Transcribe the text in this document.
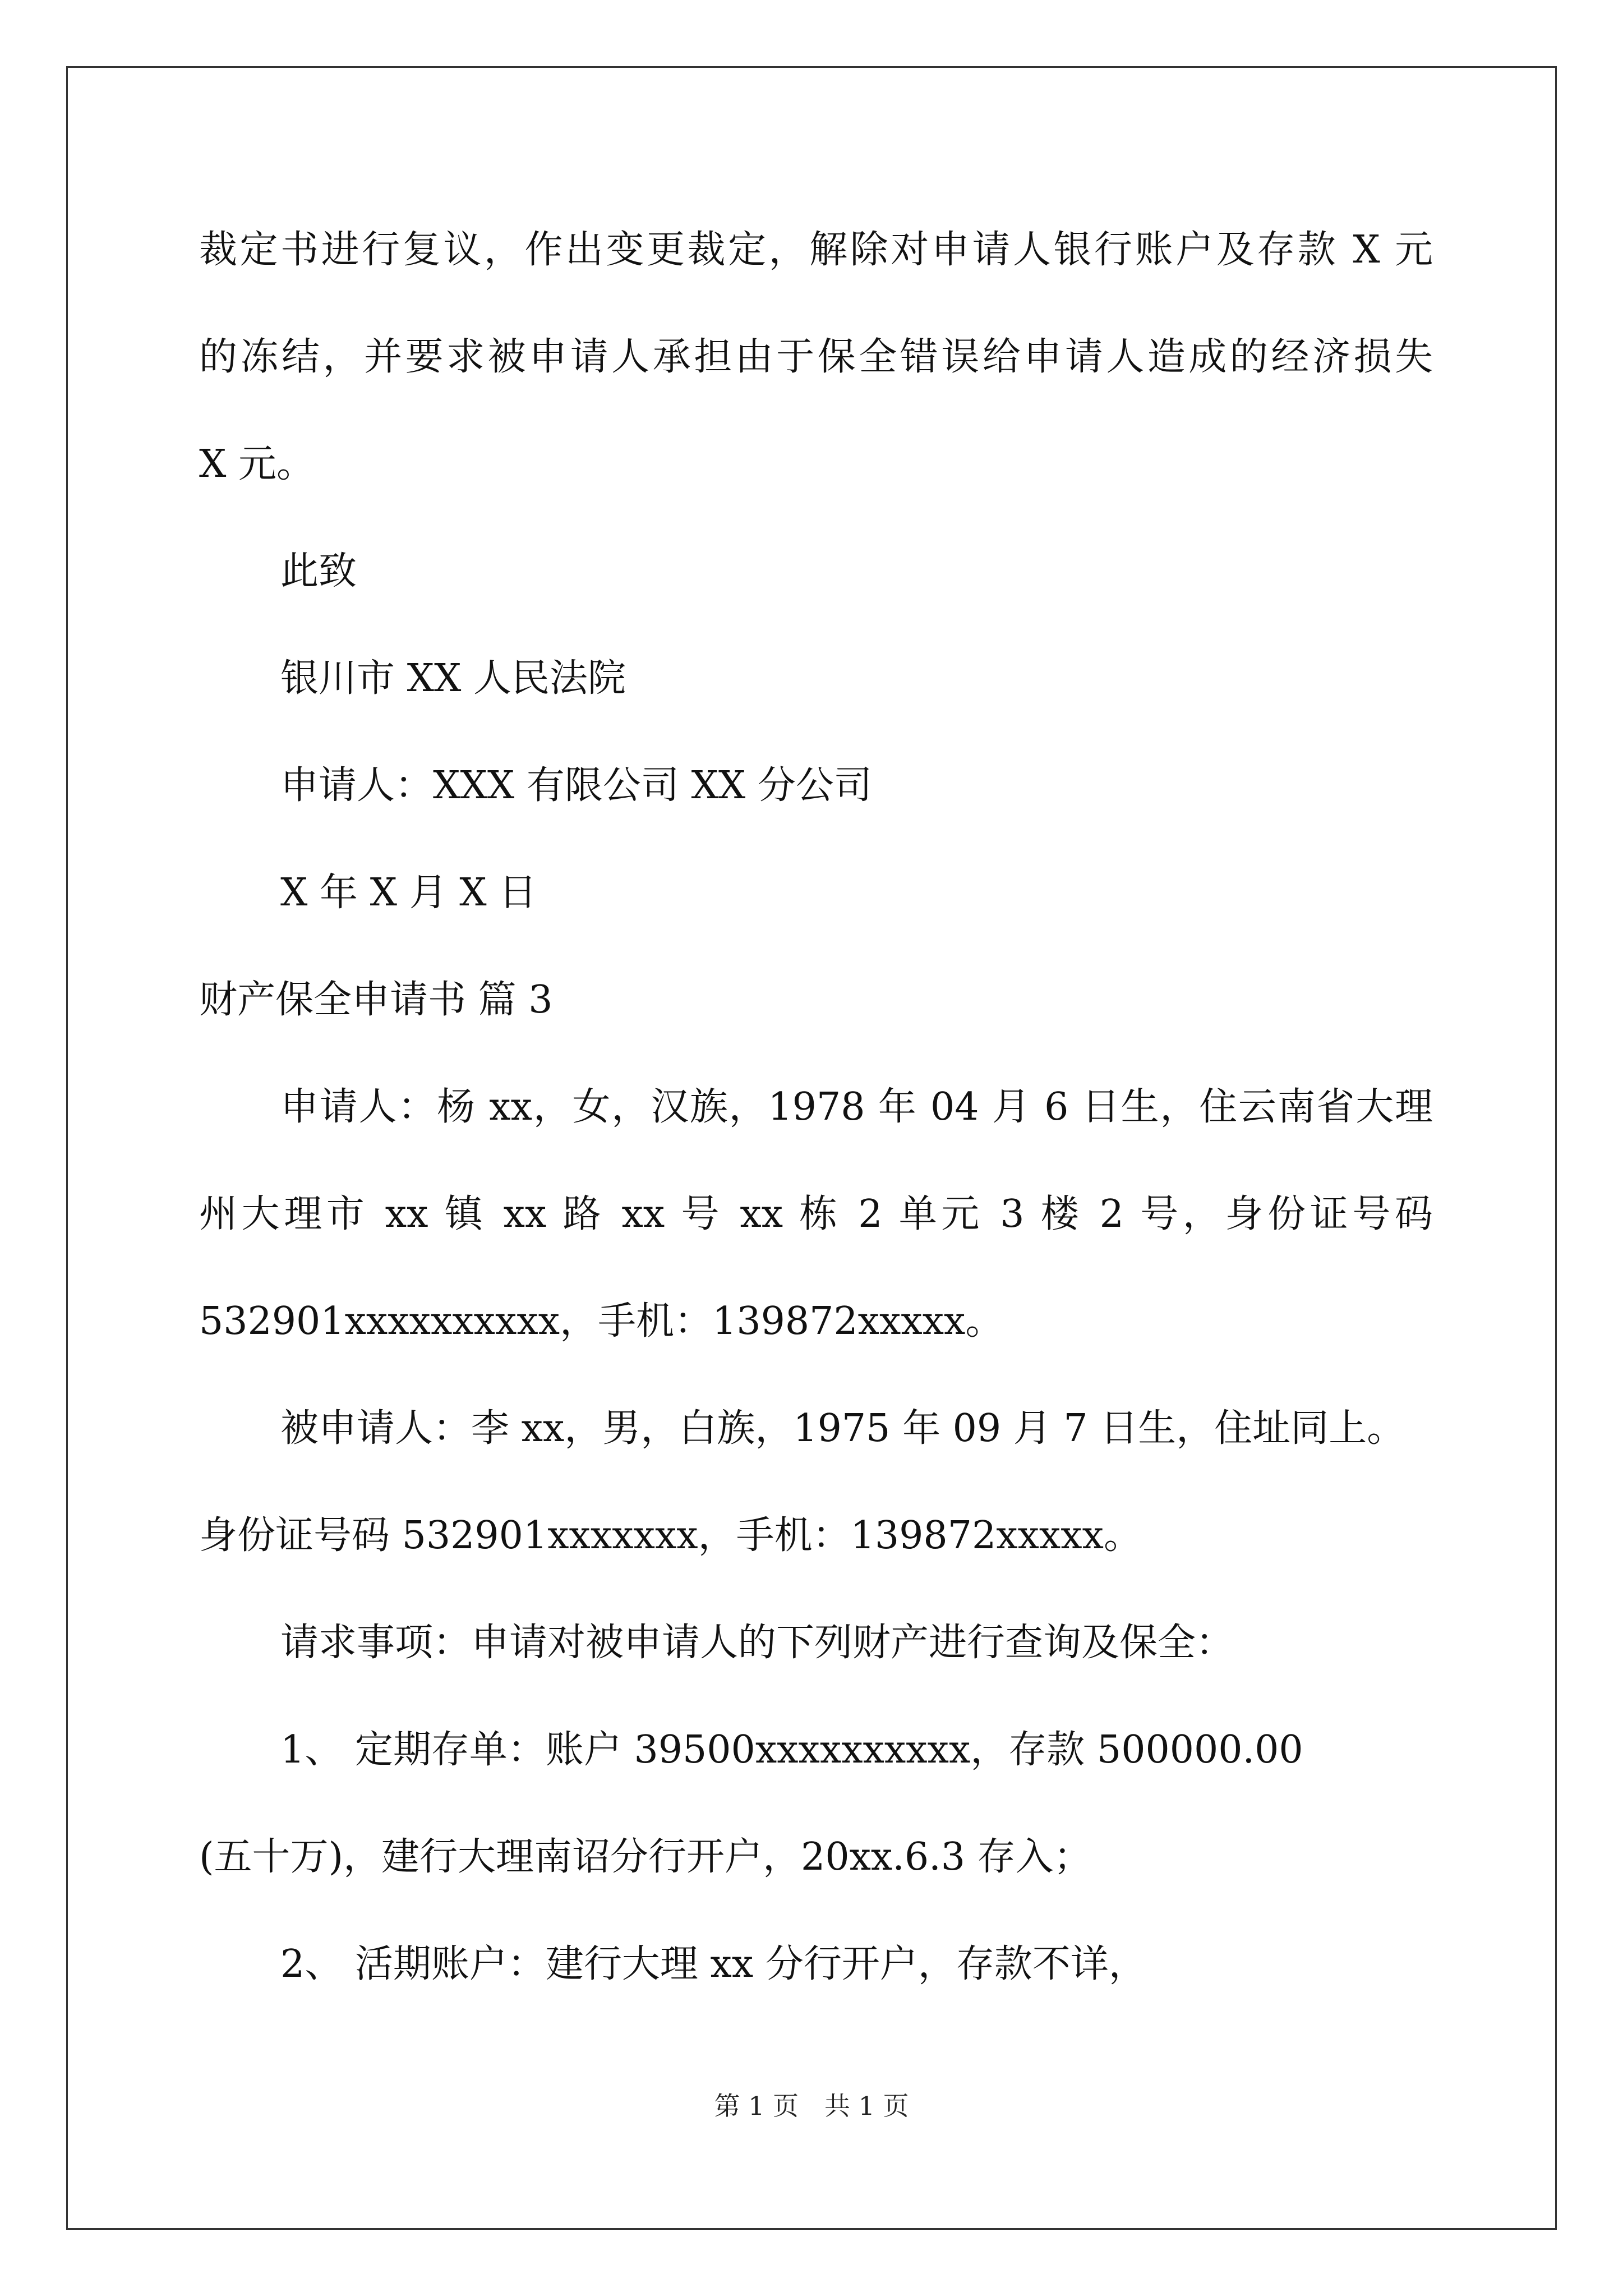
裁定书进行复议，作出变更裁定，解除对申请人银行账户及存款 X 元
的冻结，并要求被申请人承担由于保全错误给申请人造成的经济损失
X 元。
此致
银川市 XX 人民法院
申请人：XXX 有限公司 XX 分公司
X 年 X 月 X 日
财产保全申请书 篇 3
申请人：杨 xx，女，汉族，1978 年 04 月 6 日生，住云南省大理
州大理市 xx 镇 xx 路 xx 号 xx 栋 2 单元 3 楼 2 号，身份证号码
532901xxxxxxxxxx，手机：139872xxxxx。
被申请人：李 xx，男，白族，1975 年 09 月 7 日生，住址同上。
身份证号码 532901xxxxxxx，手机：139872xxxxx。
请求事项：申请对被申请人的下列财产进行查询及保全：
1、 定期存单：账户 39500xxxxxxxxxx，存款 500000.00
(五十万)，建行大理南诏分行开户，20xx.6.3 存入；
2、 活期账户：建行大理 xx 分行开户，存款不详，
第 1 页　共 1 页
